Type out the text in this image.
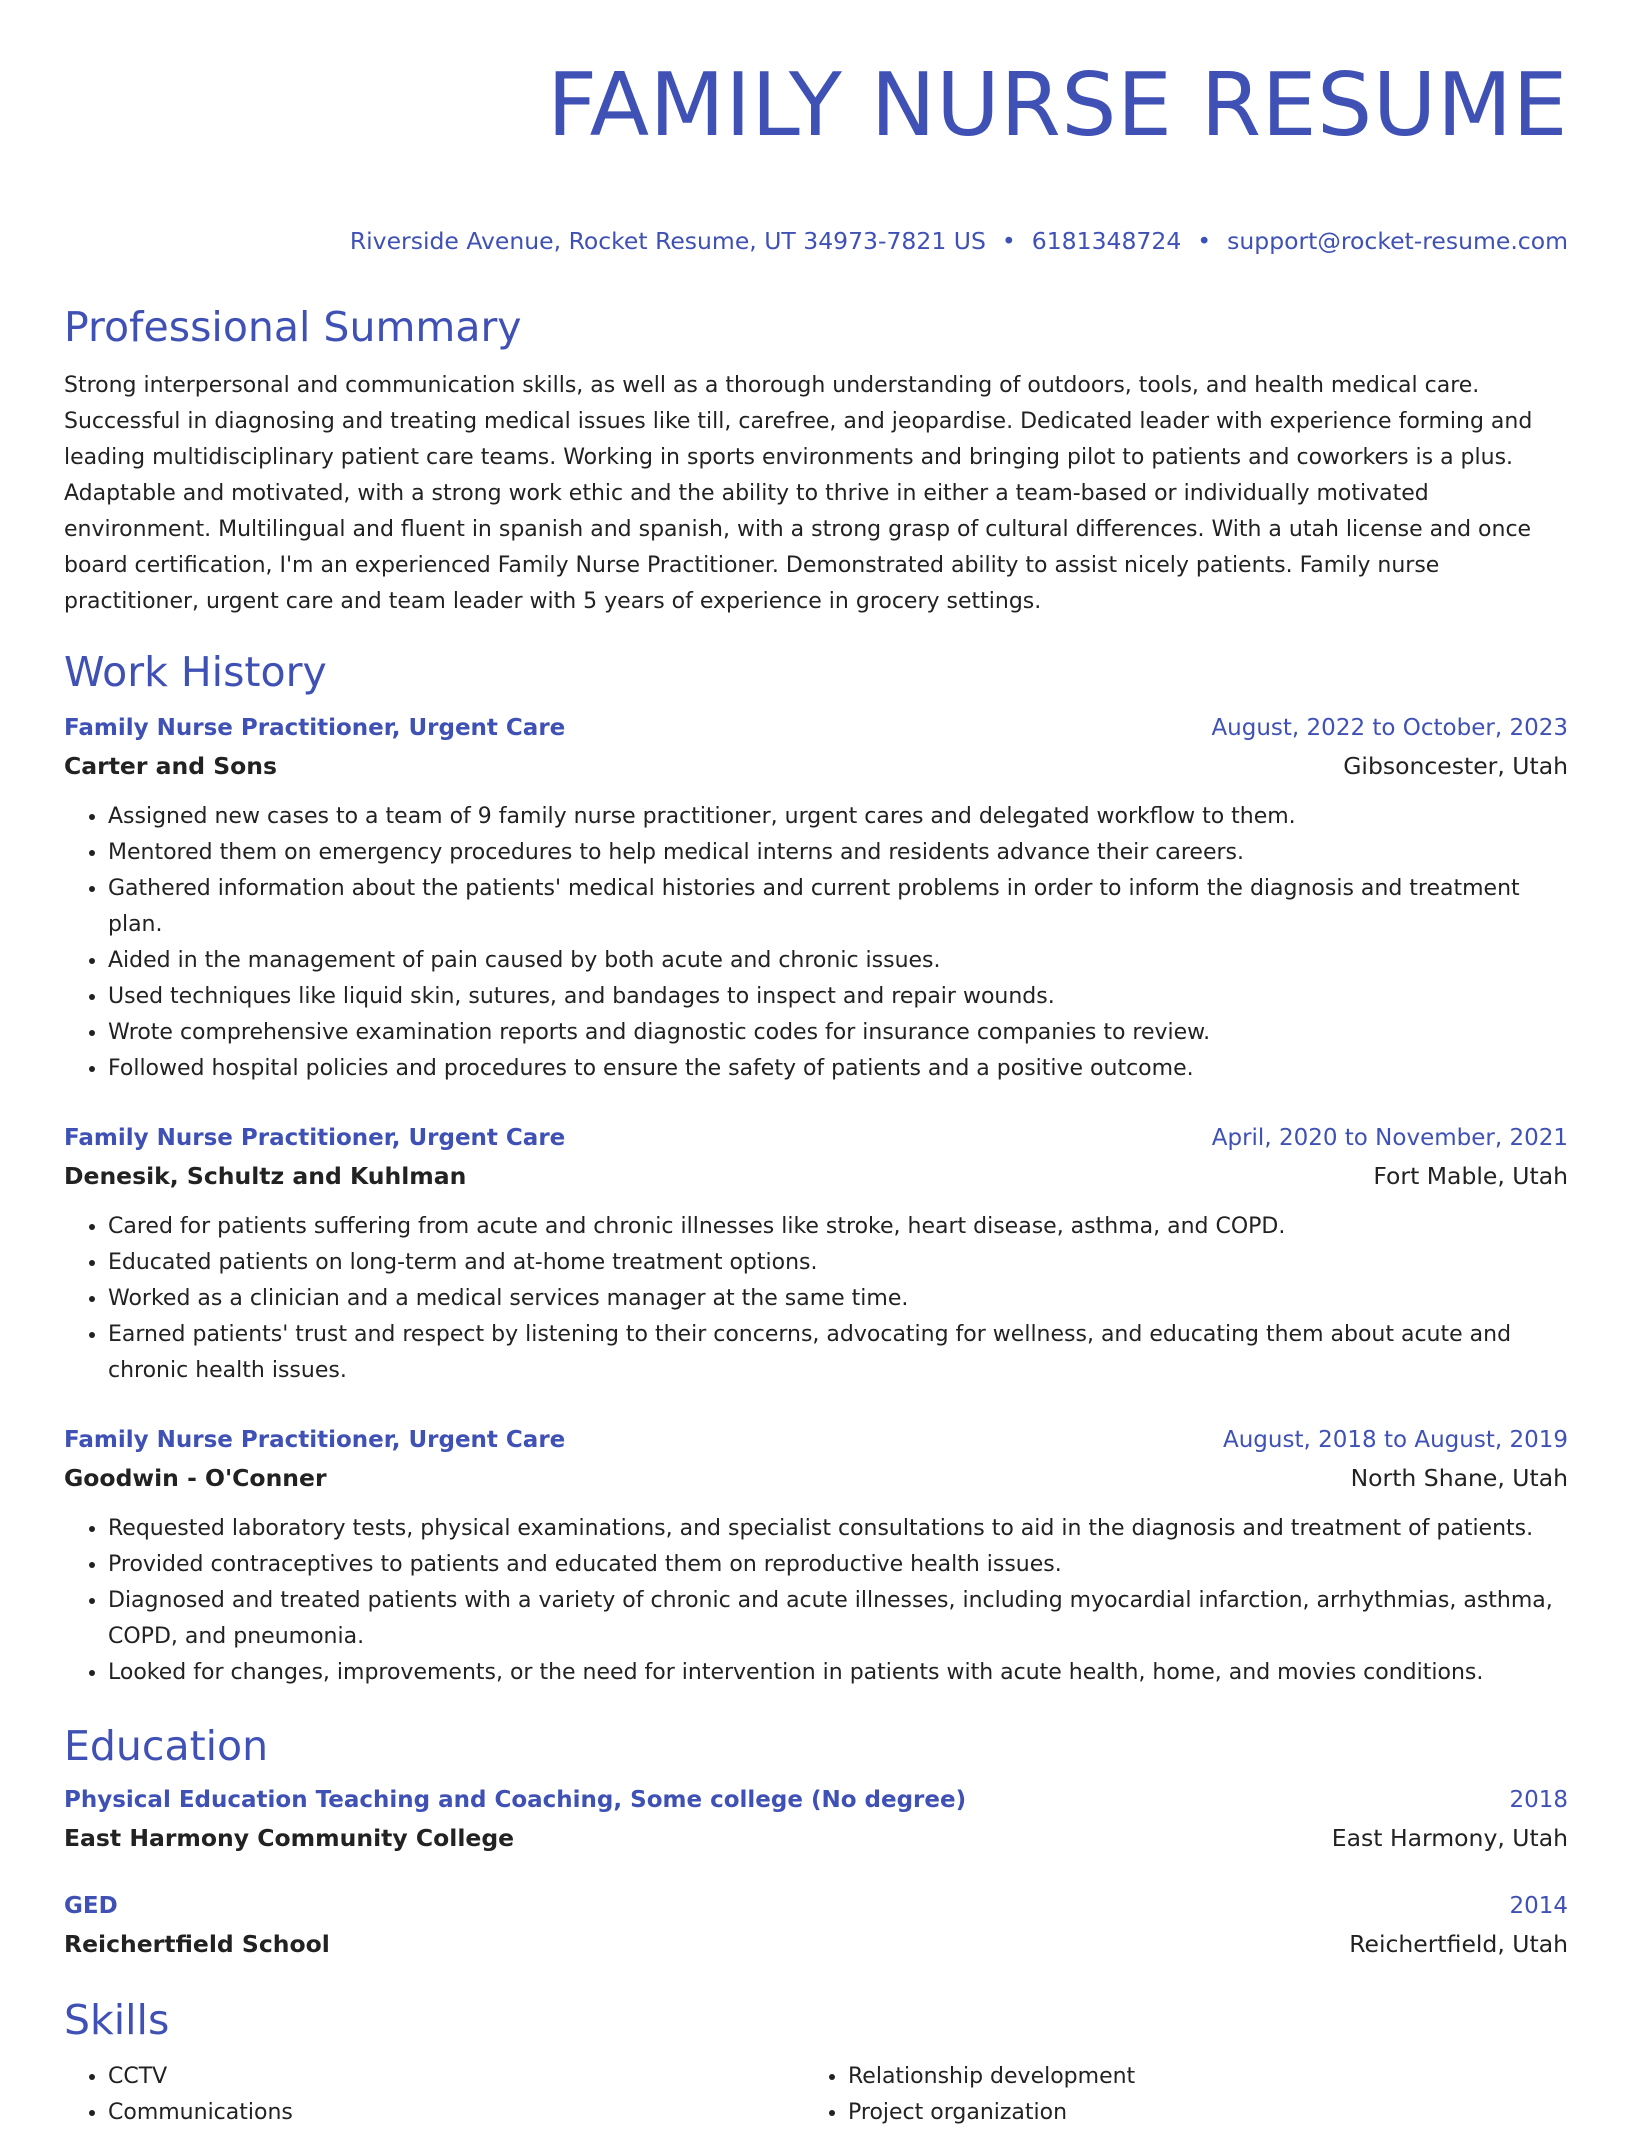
FAMILY NURSE RESUME
Riverside Avenue, Rocket Resume, UT 34973-7821 US • 6181348724 • support@rocket-resume.com
Professional Summary

Strong interpersonal and communication skills, as well as a thorough understanding of outdoors, tools, and health medical care. Successful in diagnosing and treating medical issues like till, carefree, and jeopardise. Dedicated leader with experience forming and leading multidisciplinary patient care teams. Working in sports environments and bringing pilot to patients and coworkers is a plus. Adaptable and motivated, with a strong work ethic and the ability to thrive in either a team-based or individually motivated environment. Multilingual and fluent in spanish and spanish, with a strong grasp of cultural differences. With a utah license and once board certification, I'm an experienced Family Nurse Practitioner. Demonstrated ability to assist nicely patients. Family nurse practitioner, urgent care and team leader with 5 years of experience in grocery settings.

Work History
Family Nurse Practitioner, Urgent Care	August, 2022 to October, 2023
Carter and Sons	Gibsoncester, Utah
• Assigned new cases to a team of 9 family nurse practitioner, urgent cares and delegated workflow to them.
• Mentored them on emergency procedures to help medical interns and residents advance their careers.
• Gathered information about the patients' medical histories and current problems in order to inform the diagnosis and treatment plan.
• Aided in the management of pain caused by both acute and chronic issues.
• Used techniques like liquid skin, sutures, and bandages to inspect and repair wounds.
• Wrote comprehensive examination reports and diagnostic codes for insurance companies to review.
• Followed hospital policies and procedures to ensure the safety of patients and a positive outcome.
Family Nurse Practitioner, Urgent Care	April, 2020 to November, 2021
Denesik, Schultz and Kuhlman	Fort Mable, Utah
• Cared for patients suffering from acute and chronic illnesses like stroke, heart disease, asthma, and COPD.
• Educated patients on long-term and at-home treatment options.
• Worked as a clinician and a medical services manager at the same time.
• Earned patients' trust and respect by listening to their concerns, advocating for wellness, and educating them about acute and chronic health issues.
Family Nurse Practitioner, Urgent Care	August, 2018 to August, 2019
Goodwin - O'Conner	North Shane, Utah
• Requested laboratory tests, physical examinations, and specialist consultations to aid in the diagnosis and treatment of patients.
• Provided contraceptives to patients and educated them on reproductive health issues.
• Diagnosed and treated patients with a variety of chronic and acute illnesses, including myocardial infarction, arrhythmias, asthma, COPD, and pneumonia.
• Looked for changes, improvements, or the need for intervention in patients with acute health, home, and movies conditions.
Education
Physical Education Teaching and Coaching, Some college (No degree)	2018
East Harmony Community College	East Harmony, Utah
GED	2014
Reichertfield School	Reichertfield, Utah
Skills
• CCTV
• Communications
• Relationship development
• Project organization
